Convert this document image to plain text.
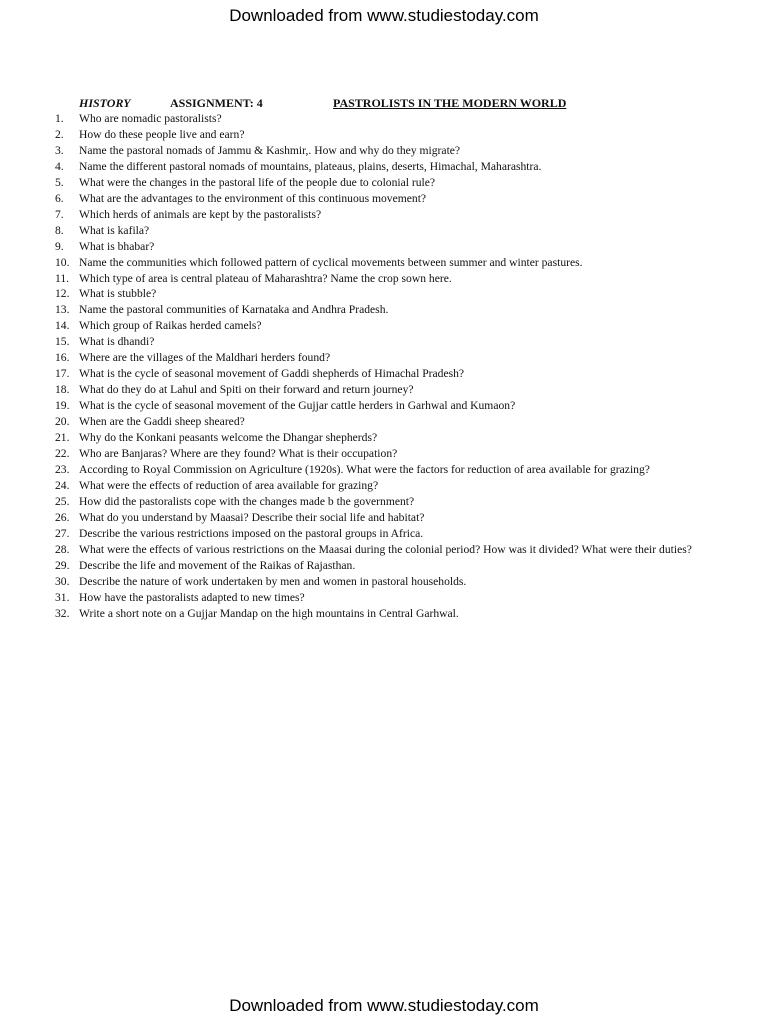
Downloaded from www.studiestoday.com
HISTORY	ASSIGNMENT: 4	PASTROLISTS IN THE MODERN WORLD
1. Who are nomadic pastoralists?
2. How do these people live and earn?
3. Name the pastoral nomads of Jammu & Kashmir,. How and why do they migrate?
4. Name the different pastoral nomads of mountains, plateaus, plains, deserts, Himachal, Maharashtra.
5. What were the changes in the pastoral life of the people due to colonial rule?
6. What are the advantages to the environment of this continuous movement?
7. Which herds of animals are kept by the pastoralists?
8. What is kafila?
9. What is bhabar?
10. Name the communities which followed pattern of cyclical movements between summer and winter pastures.
11. Which type of area is central plateau of Maharashtra? Name the crop sown here.
12. What is stubble?
13. Name the pastoral communities of Karnataka and Andhra Pradesh.
14. Which group of Raikas herded camels?
15. What is dhandi?
16. Where are the villages of the Maldhari herders found?
17. What is the cycle of seasonal movement of Gaddi shepherds of Himachal Pradesh?
18. What do they do at Lahul and Spiti on their forward and return journey?
19. What is the cycle of seasonal movement of the Gujjar cattle herders in Garhwal and Kumaon?
20. When are the Gaddi sheep sheared?
21. Why do the Konkani peasants welcome the Dhangar shepherds?
22. Who are Banjaras? Where are they found? What is their occupation?
23. According to Royal Commission on Agriculture (1920s). What were the factors for reduction of area available for grazing?
24. What were the effects of reduction of area available for grazing?
25. How did the pastoralists cope with the changes made b the government?
26. What do you understand by Maasai? Describe their social life and habitat?
27. Describe the various restrictions imposed on the pastoral groups in Africa.
28. What were the effects of various restrictions on the Maasai during the colonial period? How was it divided? What were their duties?
29. Describe the life and movement of the Raikas of Rajasthan.
30. Describe the nature of work undertaken by men and women in pastoral households.
31. How have the pastoralists adapted to new times?
32. Write a short note on a Gujjar Mandap on the high mountains in Central Garhwal.
Downloaded from www.studiestoday.com
